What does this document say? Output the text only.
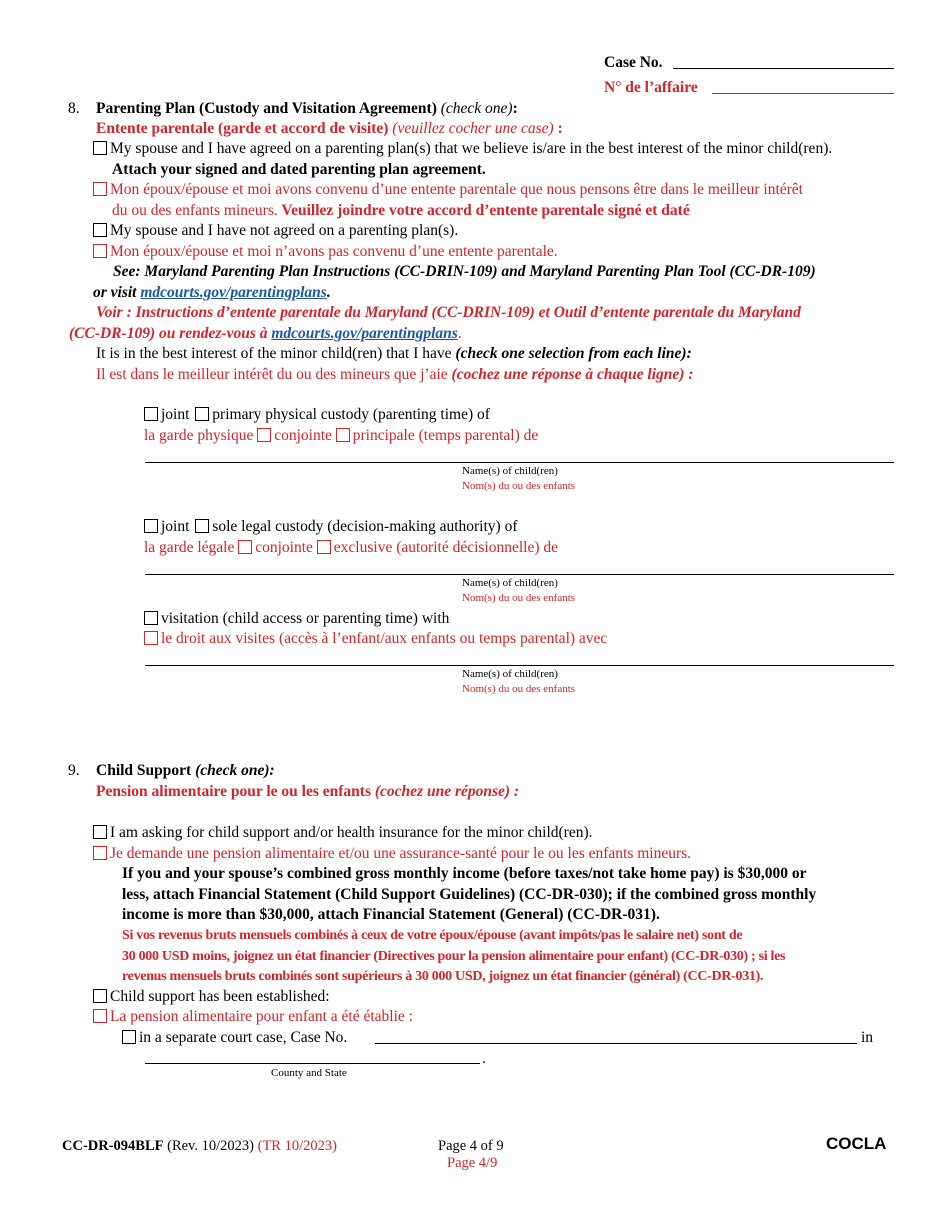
Case No.
N° de l’affaire
8. Parenting Plan (Custody and Visitation Agreement) (check one):
Entente parentale (garde et accord de visite) (veuillez cocher une case) :
My spouse and I have agreed on a parenting plan(s) that we believe is/are in the best interest of the minor child(ren).
Attach your signed and dated parenting plan agreement.
Mon époux/épouse et moi avons convenu d’une entente parentale que nous pensons être dans le meilleur intérêt
du ou des enfants mineurs. Veuillez joindre votre accord d’entente parentale signé et daté
My spouse and I have not agreed on a parenting plan(s).
Mon époux/épouse et moi n’avons pas convenu d’une entente parentale.
See: Maryland Parenting Plan Instructions (CC-DRIN-109) and Maryland Parenting Plan Tool (CC-DR-109)
or visit mdcourts.gov/parentingplans.
Voir : Instructions d’entente parentale du Maryland (CC-DRIN-109) et Outil d’entente parentale du Maryland
(CC-DR-109) ou rendez-vous à mdcourts.gov/parentingplans.
It is in the best interest of the minor child(ren) that I have (check one selection from each line):
Il est dans le meilleur intérêt du ou des mineurs que j’aie (cochez une réponse à chaque ligne) :
joint primary physical custody (parenting time) of
la garde physique conjointe principale (temps parental) de
Name(s) of child(ren)
Nom(s) du ou des enfants
joint sole legal custody (decision-making authority) of
la garde légale conjointe exclusive (autorité décisionnelle) de
Name(s) of child(ren)
Nom(s) du ou des enfants
visitation (child access or parenting time) with
le droit aux visites (accès à l’enfant/aux enfants ou temps parental) avec
Name(s) of child(ren)
Nom(s) du ou des enfants
9. Child Support (check one):
Pension alimentaire pour le ou les enfants (cochez une réponse) :
I am asking for child support and/or health insurance for the minor child(ren).
Je demande une pension alimentaire et/ou une assurance-santé pour le ou les enfants mineurs.
If you and your spouse’s combined gross monthly income (before taxes/not take home pay) is $30,000 or
less, attach Financial Statement (Child Support Guidelines) (CC-DR-030); if the combined gross monthly
income is more than $30,000, attach Financial Statement (General) (CC-DR-031).
Si vos revenus bruts mensuels combinés à ceux de votre époux/épouse (avant impôts/pas le salaire net) sont de
30 000 USD moins, joignez un état financier (Directives pour la pension alimentaire pour enfant) (CC-DR-030) ; si les
revenus mensuels bruts combinés sont supérieurs à 30 000 USD, joignez un état financier (général) (CC-DR-031).
Child support has been established:
La pension alimentaire pour enfant a été établie :
in a separate court case, Case No.	in
.
County and State
CC-DR-094BLF (Rev. 10/2023) (TR 10/2023)	Page 4 of 9
Page 4/9
COCLA
